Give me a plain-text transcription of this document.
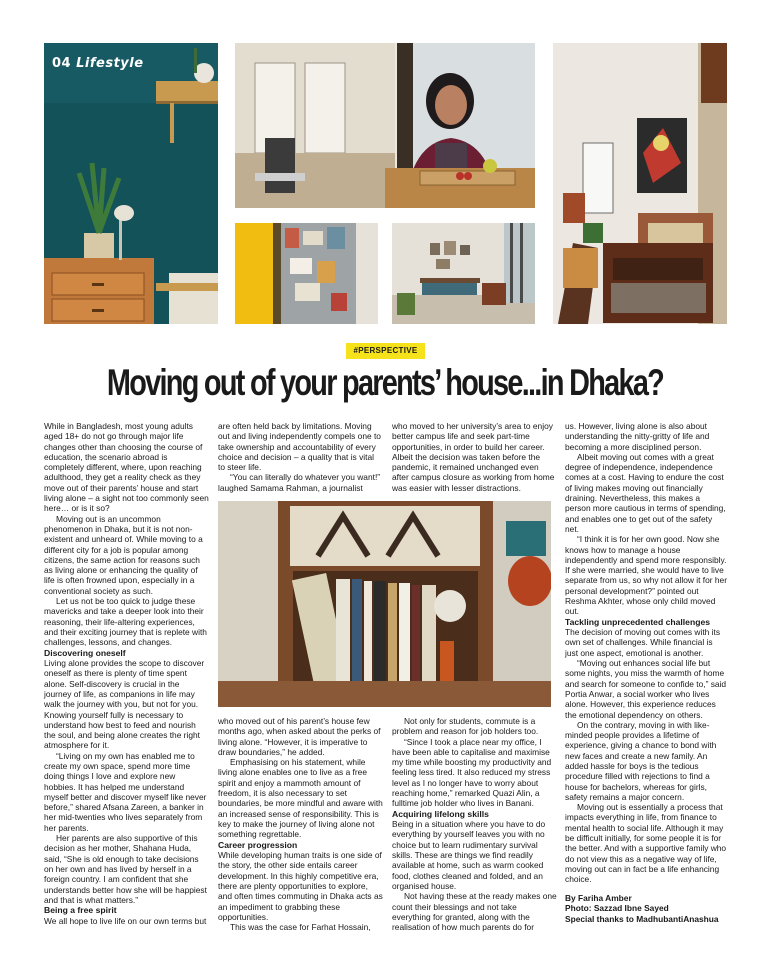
04 Lifestyle
#PERSPECTIVE
Moving out of your parents’ house...in Dhaka?

While in Bangladesh, most young adults aged 18+ do not go through major life changes other than choosing the course of education, the scenario abroad is completely different, where, upon reaching adulthood, they get a reality check as they move out of their parents’ house and start living alone – a sight not too commonly seen here… or is it so?

Moving out is an uncommon phenomenon in Dhaka, but it is not non-existent and unheard of. While moving to a different city for a job is popular among citizens, the same action for reasons such as living alone or enhancing the quality of life is often frowned upon, especially in a conventional society as such.

Let us not be too quick to judge these mavericks and take a deeper look into their reasoning, their life-altering experiences, and their exciting journey that is replete with challenges, lessons, and changes.

Discovering oneself

Living alone provides the scope to discover oneself as there is plenty of time spent alone. Self-discovery is crucial in the journey of life, as companions in life may walk the journey with you, but not for you. Knowing yourself fully is necessary to understand how best to feed and nourish the soul, and being alone creates the right atmosphere for it.

“Living on my own has enabled me to create my own space, spend more time doing things I love and explore new hobbies. It has helped me understand myself better and discover myself like never before,” shared Afsana Zareen, a banker in her mid-twenties who lives separately from her parents.

Her parents are also supportive of this decision as her mother, Shahana Huda, said, “She is old enough to take decisions on her own and has lived by herself in a foreign country. I am confident that she understands better how she will be happiest and that is what matters.”

Being a free spirit

We all hope to live life on our own terms but

are often held back by limitations. Moving out and living independently compels one to take ownership and accountability of every choice and decision – a quality that is vital to steer life.

“You can literally do whatever you want!” laughed Samama Rahman, a journalist

who moved to her university’s area to enjoy better campus life and seek part-time opportunities, in order to build her career. Albeit the decision was taken before the pandemic, it remained unchanged even after campus closure as working from home was easier with lesser distractions.

who moved out of his parent’s house few months ago, when asked about the perks of living alone. “However, it is imperative to draw boundaries,” he added.

Emphasising on his statement, while living alone enables one to live as a free spirit and enjoy a mammoth amount of freedom, it is also necessary to set boundaries, be more mindful and aware with an increased sense of responsibility. This is key to make the journey of living alone not something regrettable.

Career progression

While developing human traits is one side of the story, the other side entails career development. In this highly competitive era, there are plenty opportunities to explore, and often times commuting in Dhaka acts as an impediment to grabbing these opportunities.

This was the case for Farhat Hossain,

Not only for students, commute is a problem and reason for job holders too.

“Since I took a place near my office, I have been able to capitalise and maximise my time while boosting my productivity and feeling less tired. It also reduced my stress level as I no longer have to worry about reaching home,” remarked Quazi Alin, a fulltime job holder who lives in Banani.

Acquiring lifelong skills

Being in a situation where you have to do everything by yourself leaves you with no choice but to learn rudimentary survival skills. These are things we find readily available at home, such as warm cooked food, clothes cleaned and folded, and an organised house.

Not having these at the ready makes one count their blessings and not take everything for granted, along with the realisation of how much parents do for

us. However, living alone is also about understanding the nitty-gritty of life and becoming a more disciplined person.

Albeit moving out comes with a great degree of independence, independence comes at a cost. Having to endure the cost of living makes moving out financially draining. Nevertheless, this makes a person more cautious in terms of spending, and enables one to get out of the safety net.

“I think it is for her own good. Now she knows how to manage a house independently and spend more responsibly. If she were married, she would have to live separate from us, so why not allow it for her personal development?” pointed out Reshma Akhter, whose only child moved out.

Tackling unprecedented challenges

The decision of moving out comes with its own set of challenges. While financial is just one aspect, emotional is another.

“Moving out enhances social life but some nights, you miss the warmth of home and search for someone to confide to,” said Portia Anwar, a social worker who lives alone. However, this experience reduces the emotional dependency on others.

On the contrary, moving in with like-minded people provides a lifetime of experience, giving a chance to bond with new faces and create a new family. An added hassle for boys is the tedious procedure filled with rejections to find a house for bachelors, whereas for girls, safety remains a major concern.

Moving out is essentially a process that impacts everything in life, from finance to mental health to social life. Although it may be difficult initially, for some people it is for the better. And with a supportive family who do not view this as a negative way of life, moving out can in fact be a life enhancing choice.

By Fariha Amber
Photo: Sazzad Ibne Sayed
Special thanks to MadhubantiAnashua
